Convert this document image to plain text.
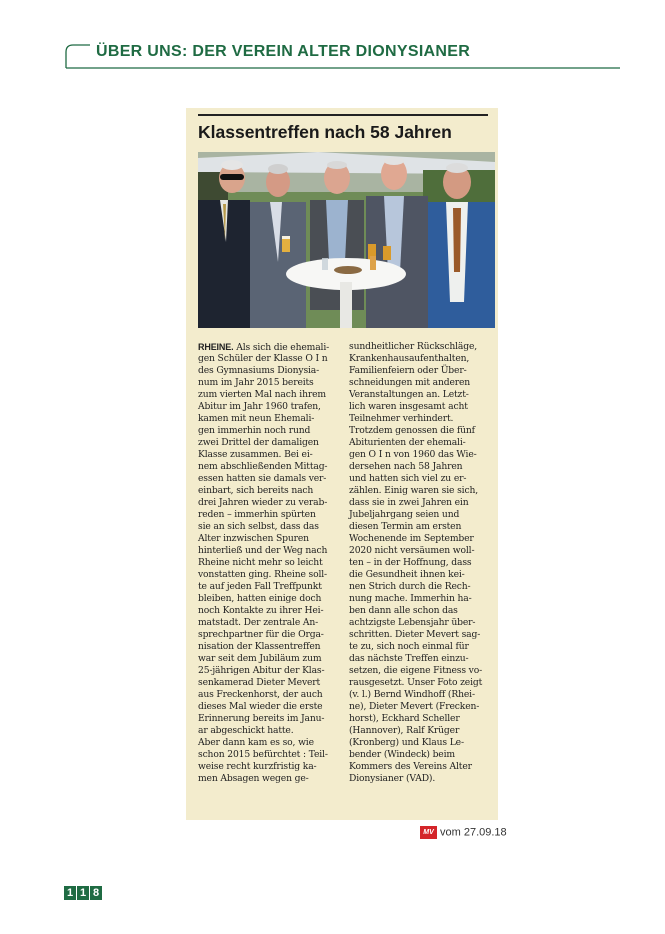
ÜBER UNS: DER VEREIN ALTER DIONYSIANER
Klassentreffen nach 58 Jahren
RHEINE. Als sich die ehemali-
gen Schüler der Klasse O I n
des Gymnasiums Dionysia-
num im Jahr 2015 bereits
zum vierten Mal nach ihrem
Abitur im Jahr 1960 trafen,
kamen mit neun Ehemali-
gen immerhin noch rund
zwei Drittel der damaligen
Klasse zusammen. Bei ei-
nem abschließenden Mittag-
essen hatten sie damals ver-
einbart, sich bereits nach
drei Jahren wieder zu verab-
reden – immerhin spürten
sie an sich selbst, dass das
Alter inzwischen Spuren
hinterließ und der Weg nach
Rheine nicht mehr so leicht
vonstatten ging. Rheine soll-
te auf jeden Fall Treffpunkt
bleiben, hatten einige doch
noch Kontakte zu ihrer Hei-
matstadt. Der zentrale An-
sprechpartner für die Orga-
nisation der Klassentreffen
war seit dem Jubiläum zum
25-jährigen Abitur der Klas-
senkamerad Dieter Mevert
aus Freckenhorst, der auch
dieses Mal wieder die erste
Erinnerung bereits im Janu-
ar abgeschickt hatte.
Aber dann kam es so, wie
schon 2015 befürchtet : Teil-
weise recht kurzfristig ka-
men Absagen wegen ge-
sundheitlicher Rückschläge,
Krankenhausaufenthalten,
Familienfeiern oder Über-
schneidungen mit anderen
Veranstaltungen an. Letzt-
lich waren insgesamt acht
Teilnehmer verhindert.
Trotzdem genossen die fünf
Abiturienten der ehemali-
gen O I n von 1960 das Wie-
dersehen nach 58 Jahren
und hatten sich viel zu er-
zählen. Einig waren sie sich,
dass sie in zwei Jahren ein
Jubeljahrgang seien und
diesen Termin am ersten
Wochenende im September
2020 nicht versäumen woll-
ten – in der Hoffnung, dass
die Gesundheit ihnen kei-
nen Strich durch die Rech-
nung mache. Immerhin ha-
ben dann alle schon das
achtzigste Lebensjahr über-
schritten. Dieter Mevert sag-
te zu, sich noch einmal für
das nächste Treffen einzu-
setzen, die eigene Fitness vo-
rausgesetzt. Unser Foto zeigt
(v. l.) Bernd Windhoff (Rhei-
ne), Dieter Mevert (Frecken-
horst), Eckhard Scheller
(Hannover), Ralf Krüger
(Kronberg) und Klaus Le-
bender (Windeck) beim
Kommers des Vereins Alter
Dionysianer (VAD).
MV vom 27.09.18
1 1 8
